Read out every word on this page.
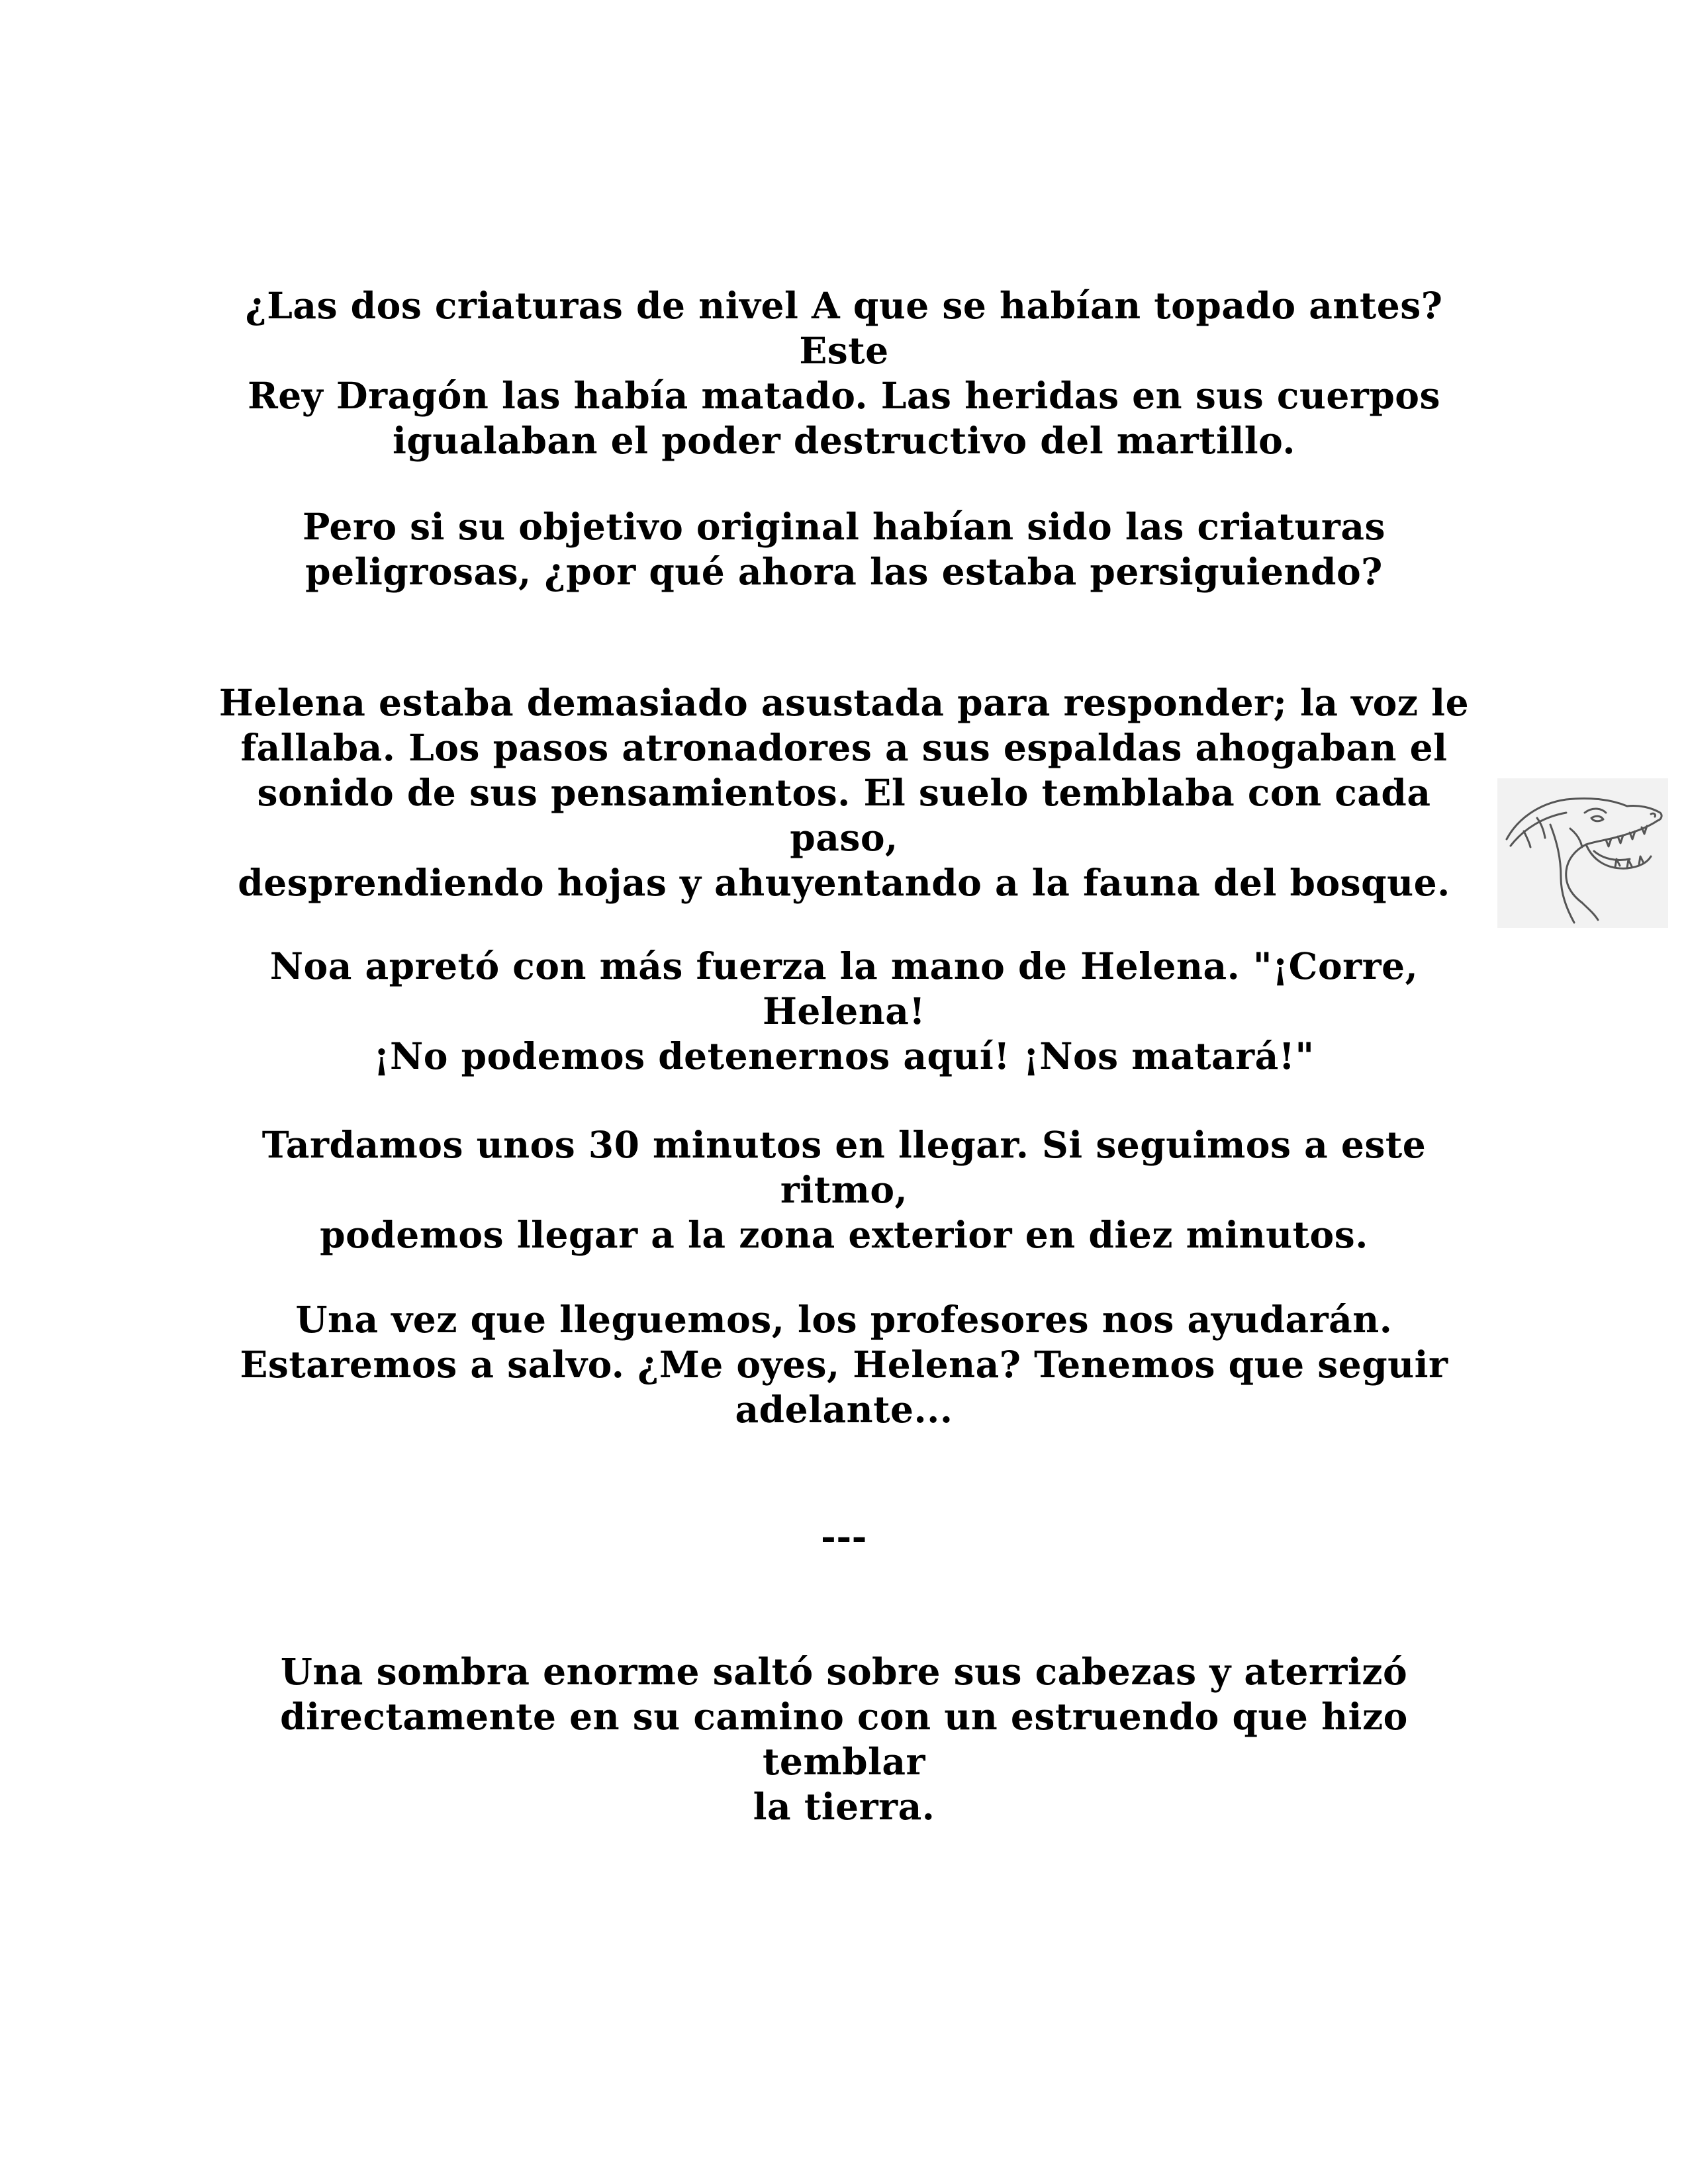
¿Las dos criaturas de nivel A que se habían topado antes? Este
Rey Dragón las había matado. Las heridas en sus cuerpos
igualaban el poder destructivo del martillo.

Pero si su objetivo original habían sido las criaturas
peligrosas, ¿por qué ahora las estaba persiguiendo?

Helena estaba demasiado asustada para responder; la voz le
fallaba. Los pasos atronadores a sus espaldas ahogaban el
sonido de sus pensamientos. El suelo temblaba con cada paso,
desprendiendo hojas y ahuyentando a la fauna del bosque.

Noa apretó con más fuerza la mano de Helena. "¡Corre, Helena!
¡No podemos detenernos aquí! ¡Nos matará!"

Tardamos unos 30 minutos en llegar. Si seguimos a este ritmo,
podemos llegar a la zona exterior en diez minutos.

Una vez que lleguemos, los profesores nos ayudarán.
Estaremos a salvo. ¿Me oyes, Helena? Tenemos que seguir
adelante...

---

Una sombra enorme saltó sobre sus cabezas y aterrizó
directamente en su camino con un estruendo que hizo temblar
la tierra.
